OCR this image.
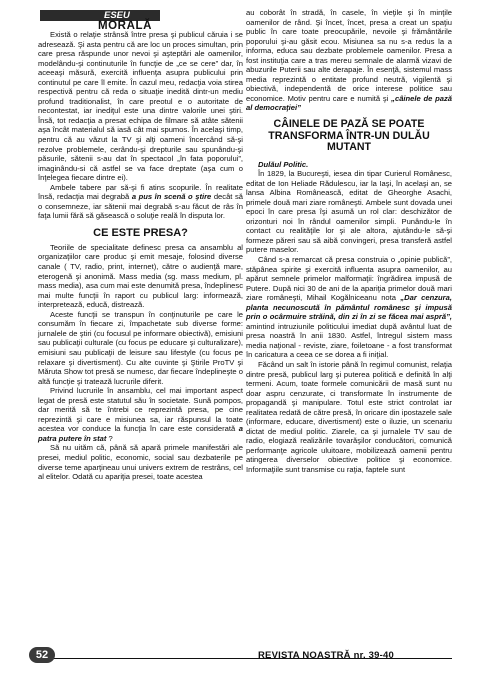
ESEU
MORALĂ

Există o relaţie strânsă între presa şi publicul căruia i se adresează. Şi asta pentru că are loc un proces simultan, prin care presa răspunde unor nevoi şi aşteptări ale oamenilor, modelându-şi continuturile în funcţie de „ce se cere” dar, în aceeaşi măsură, exercită influenţa asupra publicului prin continutul pe care îl emite. În cazul meu, redacţia voia stirea respectivă pentru că reda o situaţie inedită dintr-un mediu profund traditionalist, în care preotul e o autoritate de necontestat, iar inediţul este una dintre valorile unei ştiri. Însă, tot redacţia a presat echipa de filmare să atâte sătenii aşa încât materialul să iasă cât mai spumos. În acelaşi timp, pentru că au văzut la TV şi alţi oameni încercând să-şi rezolve problemele, cerându-şi drepturile sau spunându-şi păsurile, sătenii s-au dat în spectacol „în fata poporului”, imaginându-si că astfel se va face dreptate (aşa cum o înţelegea fiecare dintre ei).

Ambele tabere par să-şi fi atins scopurile. În realitate însă, redacţia mai degrabă a pus în scenă o ştire decât să o consemneze, iar sătenii mai degrabă s-au făcut de râs în faţa lumii fără să găsească o soluţie reală în disputa lor.

CE ESTE PRESA?

Teoriile de specialitate definesc presa ca ansamblu al organizaţiilor care produc şi emit mesaje, folosind diverse canale ( TV, radio, print, internet), către o audienţă mare, eterogenă şi anonimă. Mass media (sg. mass medium, pl. mass media), asa cum mai este denumită presa, îndeplinesc mai multe funcţii în raport cu publicul larg: informează, interpretează, educă, distrează.

Aceste funcţii se transpun în conţinuturile pe care le consumăm în fiecare zi, împachetate sub diverse forme: jurnalele de ştiri (cu focusul pe informare obiectivă), emisiuni sau publicaţii culturale (cu focus pe educare şi culturalizare), emisiuni sau publicaţii de leisure sau lifestyle (cu focus pe relaxare şi divertisment). Cu alte cuvinte şi Ştirile ProTV şi Măruta Show tot presă se numesc, dar fiecare îndeplineşte o altă funcţie şi tratează lucrurile diferit.

Privind lucrurile în ansamblu, cel mai important aspect legat de presă este statutul său în societate. Sună pompos, dar merită să te întrebi ce reprezintă presa, pe cine reprezintă şi care e misiunea sa, iar răspunsul la toate acestea vor conduce la funcţia în care este considerată a patra putere în stat ?

Să nu uităm că, până să apară primele manifestări ale presei, mediul politic, economic, social sau dezbaterile pe diverse teme aparţineau unui univers extrem de restrâns, cel al elitelor. Odată cu apariţia presei, toate acestea

au coborât în stradă, în casele, în vieţile şi în minţile oamenilor de rând. Şi încet, încet, presa a creat un spaţiu public în care toate preocupările, nevoile şi frământările poporului şi-au găsit ecou. Misiunea sa nu s-a redus la a informa, educa sau dezbate problemele oamenilor. Presa a fost instituţia care a tras mereu semnale de alarmă vizavi de abuzurile Puterii sau alte derapaje. În esenţă, sistemul mass media reprezintă o entitate profund neutră, vigilentă şi obiectivă, independentă de orice interese politice sau economice. Motiv pentru care e numită şi „câinele de pază al democraţiei”

CÂINELE DE PAZĂ SE POATE TRANSFORMA ÎNTR-UN DULĂU MUTANT

Dulăul Politic.

În 1829, la Bucureşti, iesea din tipar Curierul Românesc, editat de Ion Heliade Rădulescu, iar la Iaşi, în acelaşi an, se lansa Albina Românească, editat de Gheorghe Asachi, primele două mari ziare româneşti. Ambele sunt dovada unei epoci în care presa îşi asumă un rol clar: deschizător de orizonturi noi în rândul oamenilor simpli. Punându-le în contact cu realităţile lor şi ale altora, ajutându-le să-şi formeze păreri sau să aibă convingeri, presa transferă astfel putere maselor.

Când s-a remarcat că presa construia o „opinie publică”, stăpânea spirite şi exercită influenta asupra oamenilor, au apărut semnele primelor malformaţii: îngrădirea impusă de Putere. După nici 30 de ani de la apariţia primelor două mari ziare româneşti, Mihail Kogălniceanu nota „Dar cenzura, planta necunoscută în pământul românesc şi impusă prin o ocârmuire străină, din zi în zi se făcea mai aspră”, amintind intruziunile politicului imediat după avântul luat de presa noastră în anii 1830. Astfel, întregul sistem mass media naţional - reviste, ziare, foiletoane - a fost transformat în caricatura a ceea ce se dorea a fi iniţial.

Făcând un salt în istorie până în regimul comunist, relaţia dintre presă, publicul larg şi puterea politică e definită în alţi termeni. Acum, toate formele comunicării de masă sunt nu doar aspru cenzurate, ci transformate în instrumente de propagandă şi manipulare. Totul este strict controlat iar realitatea redată de către presă, în oricare din ipostazele sale (informare, educare, divertisment) este o iluzie, un scenariu dictat de mediul politic. Ziarele, ca şi jurnalele TV sau de radio, elogiază realizările tovarăşilor conducători, comunică performanţe agricole uluitoare, mobilizează oamenii pentru atingerea diverselor obiective politice şi economice. Informaţiile sunt transmise cu raţia, faptele sunt

52	REVISTA NOASTRĂ nr. 39-40
